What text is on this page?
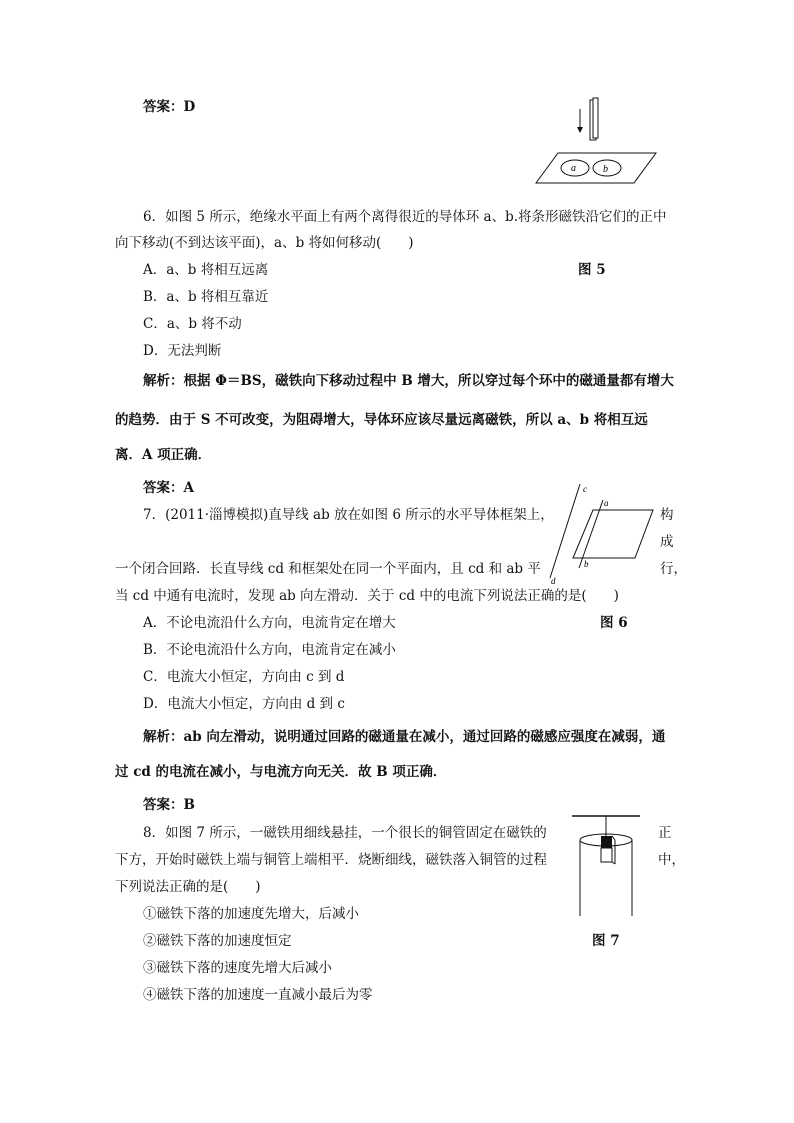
答案：D
a	b
6．如图 5 所示，绝缘水平面上有两个离得很近的导体环 a、b.将条形磁铁沿它们的正中
向下移动(不到达该平面)，a、b 将如何移动(　　)
A．a、b 将相互远离	图 5
B．a、b 将相互靠近
C．a、b 将不动
D．无法判断
解析：根据 Φ＝BS，磁铁向下移动过程中 B 增大，所以穿过每个环中的磁通量都有增大
的趋势．由于 S 不可改变，为阻碍增大，导体环应该尽量远离磁铁，所以 a、b 将相互远
离．A 项正确．
答案：A	c
a
b
d
7．(2011·淄博模拟)直导线 ab 放在如图 6 所示的水平导体框架上，	构
成
一个闭合回路．长直导线 cd 和框架处在同一个平面内，且 cd 和 ab 平	行，
当 cd 中通有电流时，发现 ab 向左滑动．关于 cd 中的电流下列说法正确的是(　　)
A．不论电流沿什么方向，电流肯定在增大	图 6
B．不论电流沿什么方向，电流肯定在减小
C．电流大小恒定，方向由 c 到 d
D．电流大小恒定，方向由 d 到 c
解析：ab 向左滑动，说明通过回路的磁通量在减小，通过回路的磁感应强度在减弱，通
过 cd 的电流在减小，与电流方向无关．故 B 项正确．
答案：B
8．如图 7 所示，一磁铁用细线悬挂，一个很长的铜管固定在磁铁的	正
下方，开始时磁铁上端与铜管上端相平．烧断细线，磁铁落入铜管的过程	中，
下列说法正确的是(　　)
①磁铁下落的加速度先增大，后减小
②磁铁下落的加速度恒定	图 7
③磁铁下落的速度先增大后减小
④磁铁下落的加速度一直减小最后为零
